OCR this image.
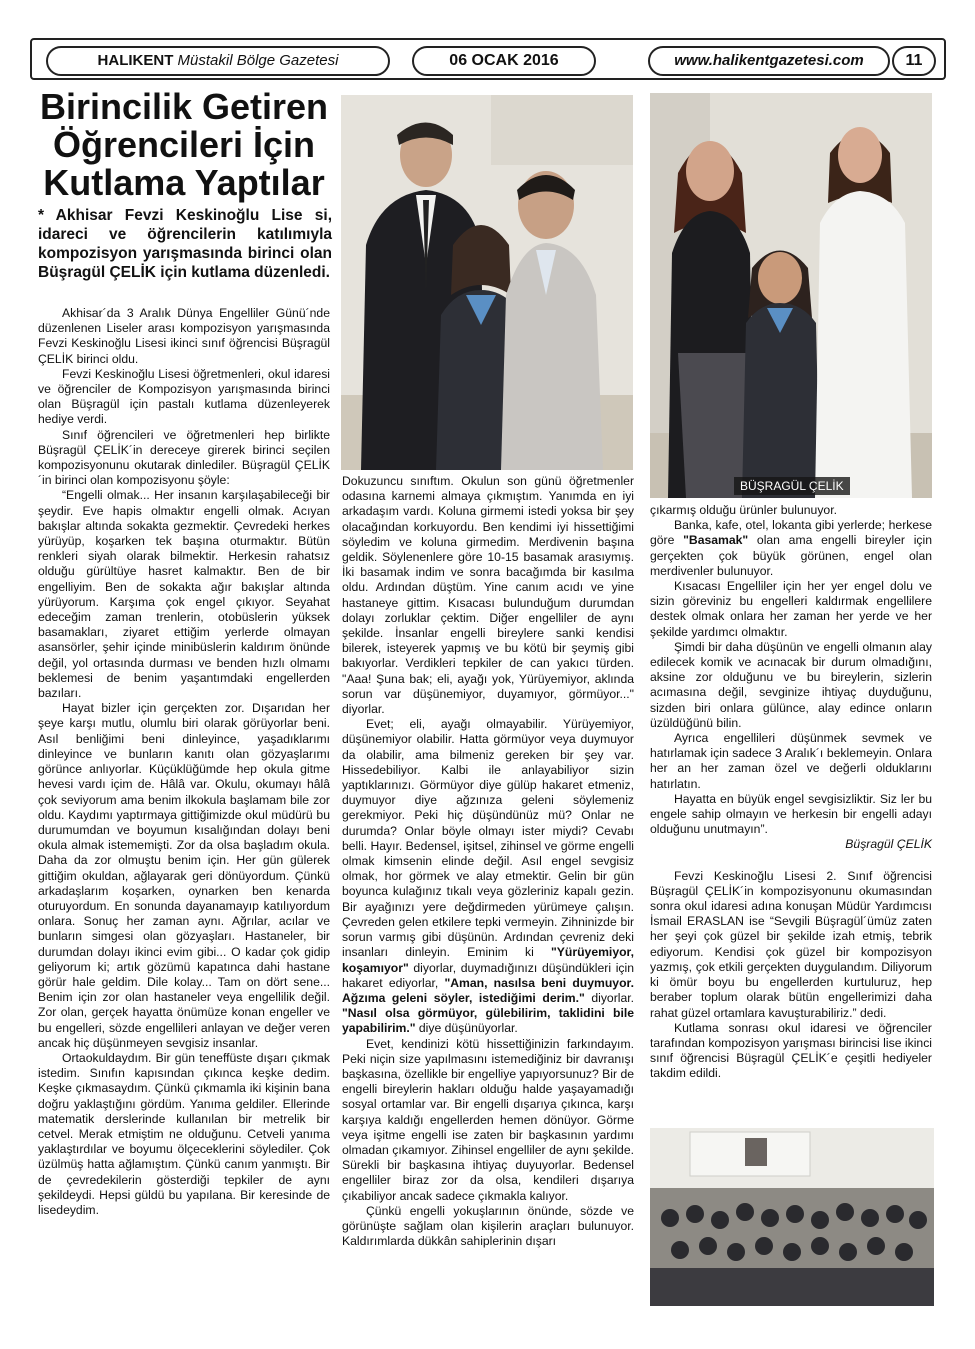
HALIKENT Müstakil Bölge Gazetesi	06 OCAK 2016	www.halikentgazetesi.com	11
Birincilik Getiren Öğrencileri İçin Kutlama Yaptılar
* Akhisar Fevzi Keskinoğlu Lise si, idareci ve öğrencilerin katılımıyla kompozisyon yarışmasında birinci olan Büşragül ÇELİK için kutlama düzenledi.

Akhisar´da 3 Aralık Dünya Engelliler Günü´nde düzenlenen Liseler arası kompozisyon yarışmasında Fevzi Keskinoğlu Lisesi ikinci sınıf öğrencisi Büşragül ÇELİK birinci oldu.

Fevzi Keskinoğlu Lisesi öğretmenleri, okul idaresi ve öğrenciler de Kompozisyon yarışmasında birinci olan Büşragül için pastalı kutlama düzenleyerek hediye verdi.

Sınıf öğrencileri ve öğretmenleri hep birlikte Büşragül ÇELİK´in dereceye girerek birinci seçilen kompozisyonunu okutarak dinlediler. Büşragül ÇELİK´in birinci olan kompozisyonu şöyle:

“Engelli olmak... Her insanın karşılaşabileceği bir şeydir. Eve hapis olmaktır engelli olmak. Acıyan bakışlar altında sokakta gezmektir. Çevredeki herkes yürüyüp, koşarken tek başına oturmaktır. Bütün renkleri siyah olarak bilmektir. Herkesin rahatsız olduğu gürültüye hasret kalmaktır. Ben de bir engelliyim. Ben de sokakta ağır bakışlar altında yürüyorum. Karşıma çok engel çıkıyor. Seyahat edeceğim zaman trenlerin, otobüslerin yüksek basamakları, ziyaret ettiğim yerlerde olmayan asansörler, şehir içinde minibüslerin kaldırım önünde değil, yol ortasında durması ve benden hızlı olmamı beklemesi de benim yaşantımdaki engellerden bazıları.

Hayat bizler için gerçekten zor. Dışarıdan her şeye karşı mutlu, olumlu biri olarak görüyorlar beni. Asıl benliğimi beni dinleyince, yaşadıklarımı dinleyince ve bunların kanıtı olan gözyaşlarımı görünce anlıyorlar. Küçüklüğümde hep okula gitme hevesi vardı içim de. Hâlâ var. Okulu, okumayı hâlâ çok seviyorum ama benim ilkokula başlamam bile zor oldu. Kaydımı yaptırmaya gittiğimizde okul müdürü bu durumumdan ve boyumun kısalığından dolayı beni okula almak istememişti. Zor da olsa başladım okula. Daha da zor olmuştu benim için. Her gün gülerek gittiğim okuldan, ağlayarak geri dönüyordum. Çünkü arkadaşlarım koşarken, oynarken ben kenarda oturuyordum. En sonunda dayanamayıp katılıyordum onlara. Sonuç her zaman aynı. Ağrılar, acılar ve bunların simgesi olan gözyaşları. Hastaneler, bir durumdan dolayı ikinci evim gibi... O kadar çok gidip geliyorum ki; artık gözümü kapatınca dahi hastane görür hale geldim. Dile kolay... Tam on dört sene... Benim için zor olan hastaneler veya engellilik değil. Zor olan, gerçek hayatta önümüze konan engeller ve bu engelleri, sözde engellileri anlayan ve değer veren ancak hiç düşünmeyen sevgisiz insanlar.

Ortaokuldaydım. Bir gün teneffüste dışarı çıkmak istedim. Sınıfın kapısından çıkınca keşke dedim. Keşke çıkmasaydım. Çünkü çıkmamla iki kişinin bana doğru yaklaştığını gördüm. Yanıma geldiler. Ellerinde matematik derslerinde kullanılan bir metrelik bir cetvel. Merak etmiştim ne olduğunu. Cetveli yanıma yaklaştırdılar ve boyumu ölçeceklerini söylediler. Çok üzülmüş hatta ağlamıştım. Çünkü canım yanmıştı. Bir de çevredekilerin gösterdiği tepkiler de aynı şekildeydi. Hepsi güldü bu yapılana. Bir keresinde de lisedeydim.

Dokuzuncu sınıftım. Okulun son günü öğretmenler odasına karnemi almaya çıkmıştım. Yanımda en iyi arkadaşım vardı. Koluna girmemi istedi yoksa bir şey olacağından korkuyordu. Ben kendimi iyi hissettiğimi söyledim ve koluna girmedim. Merdivenin başına geldik. Söylenenlere göre 10-15 basamak arasıymış. İki basamak indim ve sonra bacağımda bir kasılma oldu. Ardından düştüm. Yine canım acıdı ve yine hastaneye gittim. Kısacası bulunduğum durumdan dolayı zorluklar çektim. Diğer engelliler de aynı şekilde. İnsanlar engelli bireylere sanki kendisi bilerek, isteyerek yapmış ve bu kötü bir şeymiş gibi bakıyorlar. Verdikleri tepkiler de can yakıcı türden. "Aaa! Şuna bak; eli, ayağı yok, Yürüyemiyor, aklında sorun var düşünemiyor, duyamıyor, görmüyor..." diyorlar.

Evet; eli, ayağı olmayabilir. Yürüyemiyor, düşünemiyor olabilir. Hatta görmüyor veya duymuyor da olabilir, ama bilmeniz gereken bir şey var. Hissedebiliyor. Kalbi ile anlayabiliyor sizin yaptıklarınızı. Görmüyor diye gülüp hakaret etmeniz, duymuyor diye ağzınıza geleni söylemeniz gerekmiyor. Peki hiç düşündünüz mü? Onlar ne durumda? Onlar böyle olmayı ister miydi? Cevabı belli. Hayır. Bedensel, işitsel, zihinsel ve görme engelli olmak kimsenin elinde değil. Asıl engel sevgisiz olmak, hor görmek ve alay etmektir. Gelin bir gün boyunca kulağınız tıkalı veya gözleriniz kapalı gezin. Bir ayağınızı yere değdirmeden yürümeye çalışın. Çevreden gelen etkilere tepki vermeyin. Zihninizde bir sorun varmış gibi düşünün. Ardından çevreniz deki insanları dinleyin. Eminim ki "Yürüyemiyor, koşamıyor" diyorlar, duymadığınızı düşündükleri için hakaret ediyorlar, "Aman, nasılsa beni duymuyor. Ağzıma geleni söyler, istediğimi derim." diyorlar. "Nasıl olsa görmüyor, gülebilirim, taklidini bile yapabilirim." diye düşünüyorlar.

Evet, kendinizi kötü hissettiğinizin farkındayım. Peki niçin size yapılmasını istemediğiniz bir davranışı başkasına, özellikle bir engelliye yapıyorsunuz? Bir de engelli bireylerin hakları olduğu halde yaşayamadığı sosyal ortamlar var. Bir engelli dışarıya çıkınca, karşı karşıya kaldığı engellerden hemen dönüyor. Görme veya işitme engelli ise zaten bir başkasının yardımı olmadan çıkamıyor. Zihinsel engelliler de aynı şekilde. Sürekli bir başkasına ihtiyaç duyuyorlar. Bedensel engelliler biraz zor da olsa, kendileri dışarıya çıkabiliyor ancak sadece çıkmakla kalıyor.

Çünkü engelli yokuşlarının önünde, sözde ve görünüşte sağlam olan kişilerin araçları bulunuyor. Kaldırımlarda dükkân sahiplerinin dışarı

BÜŞRAGÜL ÇELİK

çıkarmış olduğu ürünler bulunuyor.

Banka, kafe, otel, lokanta gibi yerlerde; herkese göre "Basamak" olan ama engelli bireyler için gerçekten çok büyük görünen, engel olan merdivenler bulunuyor.

Kısacası Engelliler için her yer engel dolu ve sizin göreviniz bu engelleri kaldırmak engellilere destek olmak onlara her zaman her yerde ve her şekilde yardımcı olmaktır.

Şimdi bir daha düşünün ve engelli olmanın alay edilecek komik ve acınacak bir durum olmadığını, aksine zor olduğunu ve bu bireylerin, sizlerin acımasına değil, sevginize ihtiyaç duyduğunu, sizden biri onlara gülünce, alay edince onların üzüldüğünü bilin.

Ayrıca engellileri düşünmek sevmek ve hatırlamak için sadece 3 Aralık´ı beklemeyin. Onlara her an her zaman özel ve değerli olduklarını hatırlatın.

Hayatta en büyük engel sevgisizliktir. Siz ler bu engele sahip olmayın ve herkesin bir engelli adayı olduğunu unutmayın”.

Büşragül ÇELİK

Fevzi Keskinoğlu Lisesi 2. Sınıf öğrencisi Büşragül ÇELİK´in kompozisyonunu okumasından sonra okul idaresi adına konuşan Müdür Yardımcısı İsmail ERASLAN ise “Sevgili Büşragül´ümüz zaten her şeyi çok güzel bir şekilde izah etmiş, tebrik ediyorum. Kendisi çok güzel bir kompozisyon yazmış, çok etkili gerçekten duygulandım. Diliyorum ki ömür boyu bu engellerden kurtuluruz, hep beraber toplum olarak bütün engellerimizi daha rahat güzel ortamlara kavuşturabiliriz.” dedi.

Kutlama sonrası okul idaresi ve öğrenciler tarafından kompozisyon yarışması birincisi lise ikinci sınıf öğrencisi Büşragül ÇELİK´e çeşitli hediyeler takdim edildi.
